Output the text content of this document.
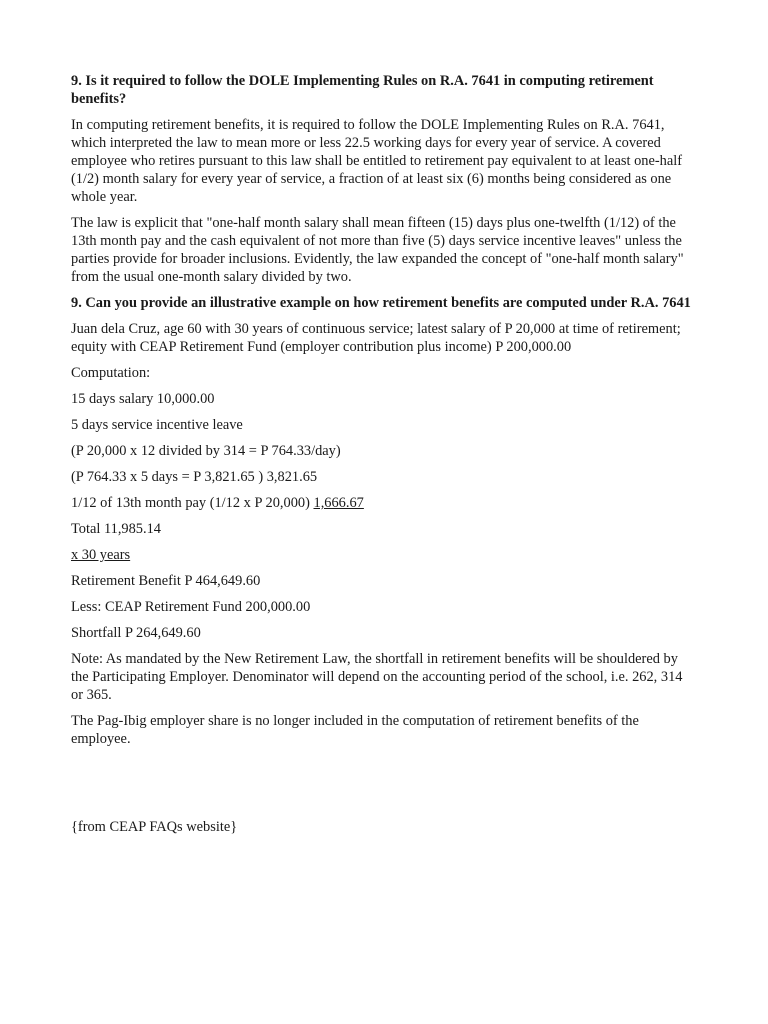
9. Is it required to follow the DOLE Implementing Rules on R.A. 7641 in computing retirement benefits?

In computing retirement benefits, it is required to follow the DOLE Implementing Rules on R.A. 7641, which interpreted the law to mean more or less 22.5 working days for every year of service. A covered employee who retires pursuant to this law shall be entitled to retirement pay equivalent to at least one-half (1/2) month salary for every year of service, a fraction of at least six (6) months being considered as one whole year.

The law is explicit that "one-half month salary shall mean fifteen (15) days plus one-twelfth (1/12) of the 13th month pay and the cash equivalent of not more than five (5) days service incentive leaves" unless the parties provide for broader inclusions. Evidently, the law expanded the concept of "one-half month salary" from the usual one-month salary divided by two.

9. Can you provide an illustrative example on how retirement benefits are computed under R.A. 7641

Juan dela Cruz, age 60 with 30 years of continuous service; latest salary of P 20,000 at time of retirement; equity with CEAP Retirement Fund (employer contribution plus income) P 200,000.00

Computation:

15 days salary 10,000.00

5 days service incentive leave

(P 20,000 x 12 divided by 314 = P 764.33/day)

(P 764.33 x 5 days = P 3,821.65 ) 3,821.65

1/12 of 13th month pay (1/12 x P 20,000) 1,666.67

Total 11,985.14

x 30 years

Retirement Benefit P 464,649.60

Less: CEAP Retirement Fund 200,000.00

Shortfall P 264,649.60

Note: As mandated by the New Retirement Law, the shortfall in retirement benefits will be shouldered by the Participating Employer. Denominator will depend on the accounting period of the school, i.e. 262, 314 or 365.

The Pag-Ibig employer share is no longer included in the computation of retirement benefits of the employee.

{from CEAP FAQs website}
